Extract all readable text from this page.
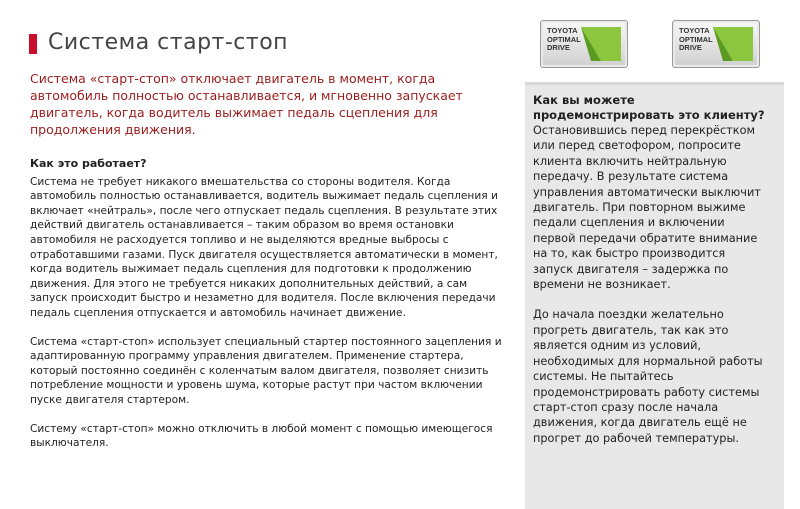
Система старт-стоп
Система «старт-стоп» отключает двигатель в момент, когда автомобиль полностью останавливается, и мгновенно запускает двигатель, когда водитель выжимает педаль сцепления для продолжения движения.
Как это работает?

Система не требует никакого вмешательства со стороны водителя. Когда автомобиль полностью останавливается, водитель выжимает педаль сцепления и включает «нейтраль», после чего отпускает педаль сцепления. В результате этих действий двигатель останавливается – таким образом во время остановки автомобиля не расходуется топливо и не выделяются вредные выбросы с отработавшими газами. Пуск двигателя осуществляется автоматически в момент, когда водитель выжимает педаль сцепления для подготовки к продолжению движения. Для этого не требуется никаких дополнительных действий, а сам запуск происходит быстро и незаметно для водителя. После включения передачи педаль сцепления отпускается и автомобиль начинает движение.

Система «старт-стоп» использует специальный стартер постоянного зацепления и адаптированную программу управления двигателем. Применение стартера, который постоянно соединён с коленчатым валом двигателя, позволяет снизить потребление мощности и уровень шума, которые растут при частом включении пуске двигателя стартером.

Систему «старт-стоп» можно отключить в любой момент с помощью имеющегося выключателя.

TOYOTA
OPTIMAL
DRIVE
TOYOTA
OPTIMAL
DRIVE
Как вы можете продемонстрировать это клиенту?

Остановившись перед перекрёстком или перед светофором, попросите клиента включить нейтральную передачу. В результате система управления автоматически выключит двигатель. При повторном выжиме педали сцепления и включении первой передачи обратите внимание на то, как быстро производится запуск двигателя – задержка по времени не возникает.

До начала поездки желательно прогреть двигатель, так как это является одним из условий, необходимых для нормальной работы системы. Не пытайтесь продемонстрировать работу системы старт-стоп сразу после начала движения, когда двигатель ещё не прогрет до рабочей температуры.
